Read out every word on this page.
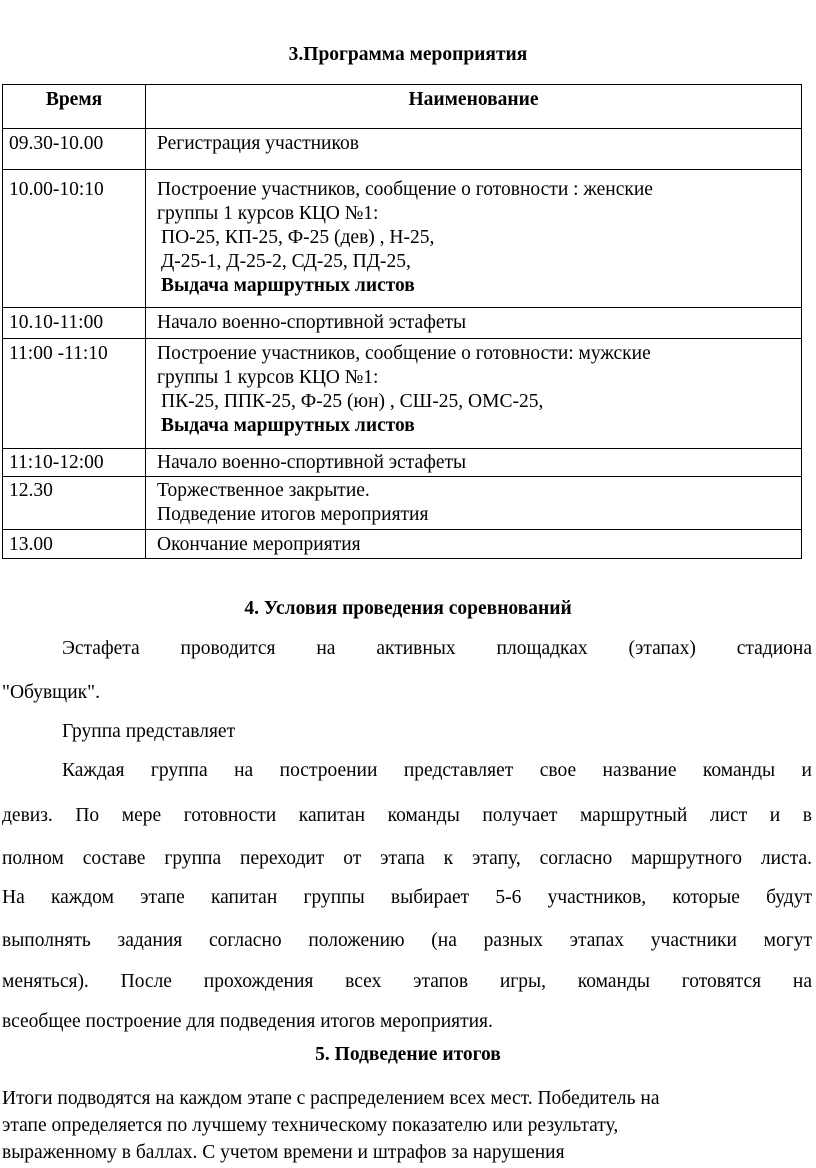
3.Программа мероприятия
Время	Наименование
09.30-10.00	Регистрация участников

10.00-10:10	Построение участников, сообщение о готовности : женские
группы 1 курсов КЦО №1:
ПО-25, КП-25, Ф-25 (дев) , Н-25,
Д-25-1, Д-25-2, СД-25, ПД-25,
Выдача маршрутных листов

10.10-11:00	Начало военно-спортивной эстафеты

11:00 -11:10	Построение участников, сообщение о готовности: мужские
группы 1 курсов КЦО №1:
ПК-25, ППК-25, Ф-25 (юн) , СШ-25, ОМС-25,
Выдача маршрутных листов

11:10-12:00	Начало военно-спортивной эстафеты

12.30	Торжественное закрытие.
Подведение итогов мероприятия

13.00	Окончание мероприятия
4. Условия проведения соревнований
Эстафета проводится на активных площадках (этапах) стадиона
"Обувщик".
Группа представляет
Каждая группа на построении представляет свое название команды и
девиз. По мере готовности капитан команды получает маршрутный лист и в
полном составе группа переходит от этапа к этапу, согласно маршрутного листа.
На каждом этапе капитан группы выбирает 5-6 участников, которые будут
выполнять задания согласно положению (на разных этапах участники могут
меняться). После прохождения всех этапов игры, команды готовятся на
всеобщее построение для подведения итогов мероприятия.
5. Подведение итогов
Итоги подводятся на каждом этапе с распределением всех мест. Победитель на
этапе определяется по лучшему техническому показателю или результату,
выраженному в баллах. С учетом времени и штрафов за нарушения
